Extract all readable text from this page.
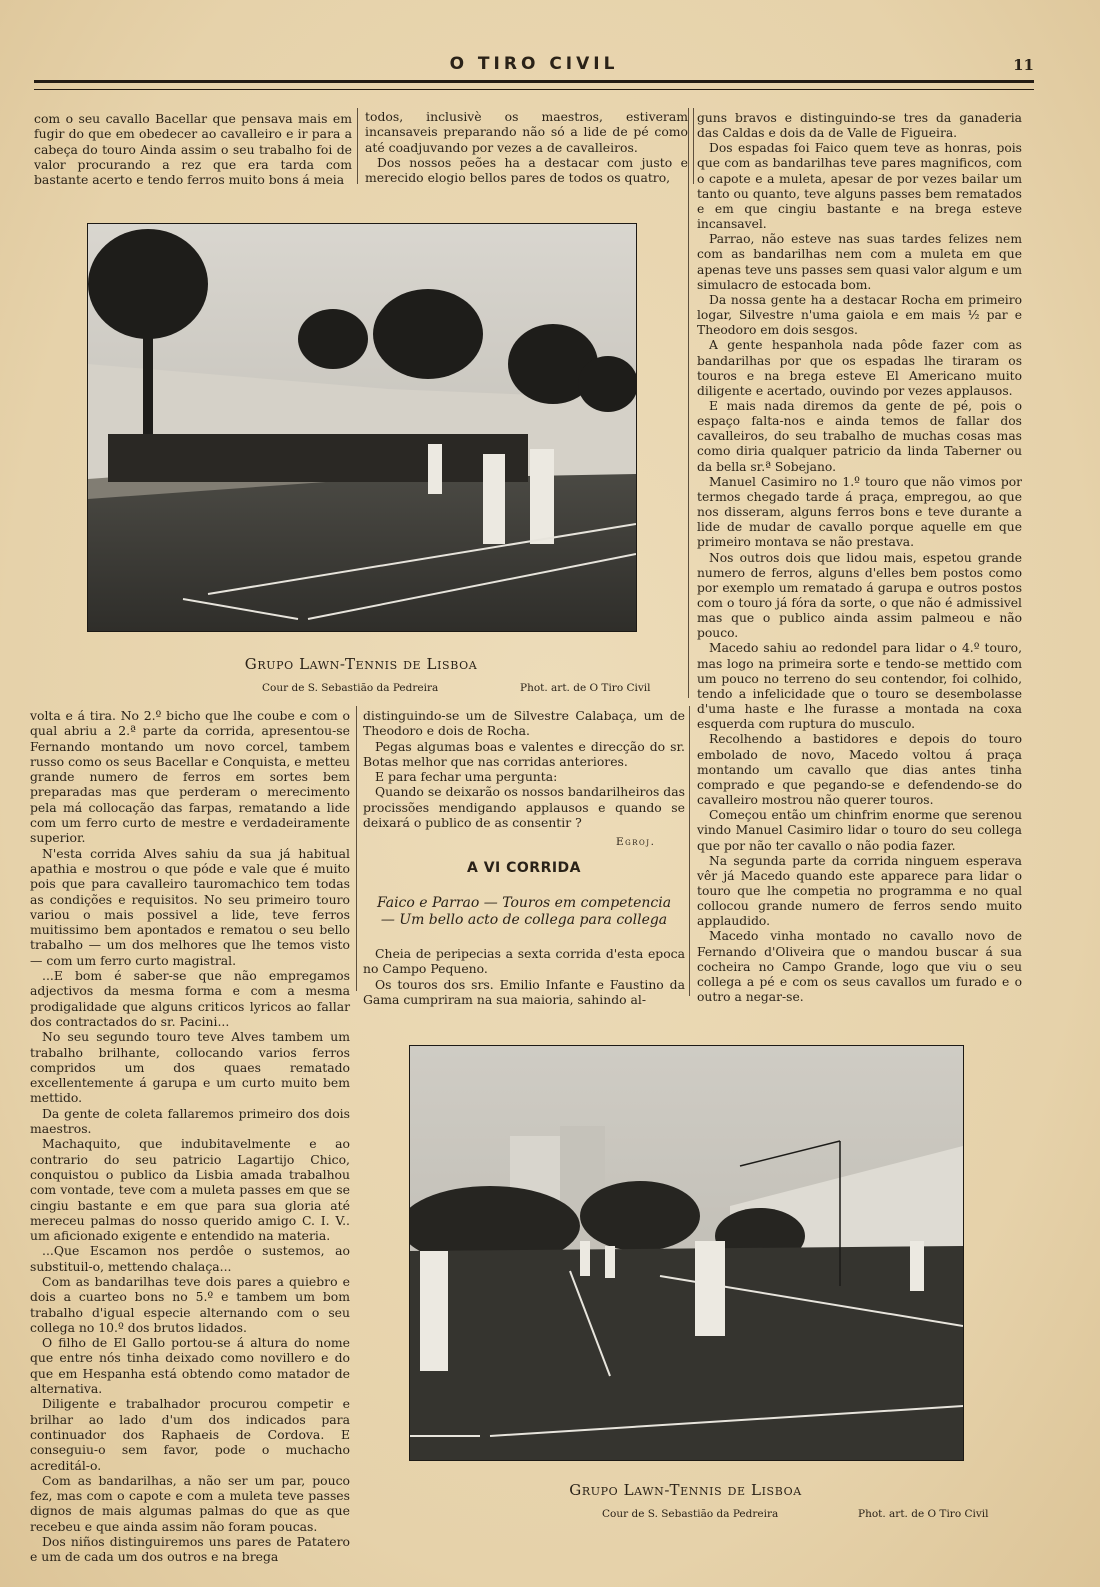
O TIRO CIVIL	11

com o seu cavallo Bacellar que pensava mais em fugir do que em obedecer ao cavalleiro e ir para a cabeça do touro Ainda assim o seu trabalho foi de valor procurando a rez que era tarda com bastante acerto e tendo ferros muito bons á meia

todos, inclusivè os maestros, estiveram incansaveis preparando não só a lide de pé como até coadjuvando por vezes a de cavalleiros.

Dos nossos peões ha a destacar com justo e merecido elogio bellos pares de todos os quatro,

Grupo Lawn-Tennis de Lisboa
Cour de S. Sebastião da Pedreira	Phot. art. de O Tiro Civil

volta e á tira. No 2.º bicho que lhe coube e com o qual abriu a 2.ª parte da corrida, apresentou-se Fernando montando um novo corcel, tambem russo como os seus Bacellar e Conquista, e metteu grande numero de ferros em sortes bem preparadas mas que perderam o merecimento pela má collocação das farpas, rematando a lide com um ferro curto de mestre e verdadeiramente superior.

N'esta corrida Alves sahiu da sua já habitual apathia e mostrou o que póde e vale que é muito pois que para cavalleiro tauromachico tem todas as condições e requisitos. No seu primeiro touro variou o mais possivel a lide, teve ferros muitissimo bem apontados e rematou o seu bello trabalho — um dos melhores que lhe temos visto — com um ferro curto magistral.

...E bom é saber-se que não empregamos adjectivos da mesma forma e com a mesma prodigalidade que alguns criticos lyricos ao fallar dos contractados do sr. Pacini...

No seu segundo touro teve Alves tambem um trabalho brilhante, collocando varios ferros compridos um dos quaes rematado excellentemente á garupa e um curto muito bem mettido.

Da gente de coleta fallaremos primeiro dos dois maestros.

Machaquito, que indubitavelmente e ao contrario do seu patricio Lagartijo Chico, conquistou o publico da Lisbia amada trabalhou com vontade, teve com a muleta passes em que se cingiu bastante e em que para sua gloria até mereceu palmas do nosso querido amigo C. I. V.. um aficionado exigente e entendido na materia.

...Que Escamon nos perdôe o sustemos, ao substituil-o, mettendo chalaça...

Com as bandarilhas teve dois pares a quiebro e dois a cuarteo bons no 5.º e tambem um bom trabalho d'igual especie alternando com o seu collega no 10.º dos brutos lidados.

O filho de El Gallo portou-se á altura do nome que entre nós tinha deixado como novillero e do que em Hespanha está obtendo como matador de alternativa.

Diligente e trabalhador procurou competir e brilhar ao lado d'um dos indicados para continuador dos Raphaeis de Cordova. E conseguiu-o sem favor, pode o muchacho acreditál-o.

Com as bandarilhas, a não ser um par, pouco fez, mas com o capote e com a muleta teve passes dignos de mais algumas palmas do que as que recebeu e que ainda assim não foram poucas.

Dos niños distinguiremos uns pares de Patatero e um de cada um dos outros e na brega

distinguindo-se um de Silvestre Calabaça, um de Theodoro e dois de Rocha.

Pegas algumas boas e valentes e direcção do sr. Botas melhor que nas corridas anteriores.

E para fechar uma pergunta:

Quando se deixarão os nossos bandarilheiros das procissões mendigando applausos e quando se deixará o publico de as consentir ?

Egroj.
A VI CORRIDA
Faico e Parrao — Touros em competencia
— Um bello acto de collega para collega

Cheia de peripecias a sexta corrida d'esta epoca no Campo Pequeno.

Os touros dos srs. Emilio Infante e Faustino da Gama cumpriram na sua maioria, sahindo al-

guns bravos e distinguindo-se tres da ganaderia das Caldas e dois da de Valle de Figueira.

Dos espadas foi Faico quem teve as honras, pois que com as bandarilhas teve pares magnificos, com o capote e a muleta, apesar de por vezes bailar um tanto ou quanto, teve alguns passes bem rematados e em que cingiu bastante e na brega esteve incansavel.

Parrao, não esteve nas suas tardes felizes nem com as bandarilhas nem com a muleta em que apenas teve uns passes sem quasi valor algum e um simulacro de estocada bom.

Da nossa gente ha a destacar Rocha em primeiro logar, Silvestre n'uma gaiola e em mais ½ par e Theodoro em dois sesgos.

A gente hespanhola nada pôde fazer com as bandarilhas por que os espadas lhe tiraram os touros e na brega esteve El Americano muito diligente e acertado, ouvindo por vezes applausos.

E mais nada diremos da gente de pé, pois o espaço falta-nos e ainda temos de fallar dos cavalleiros, do seu trabalho de muchas cosas mas como diria qualquer patricio da linda Taberner ou da bella sr.ª Sobejano.

Manuel Casimiro no 1.º touro que não vimos por termos chegado tarde á praça, empregou, ao que nos disseram, alguns ferros bons e teve durante a lide de mudar de cavallo porque aquelle em que primeiro montava se não prestava.

Nos outros dois que lidou mais, espetou grande numero de ferros, alguns d'elles bem postos como por exemplo um rematado á garupa e outros postos com o touro já fóra da sorte, o que não é admissivel mas que o publico ainda assim palmeou e não pouco.

Macedo sahiu ao redondel para lidar o 4.º touro, mas logo na primeira sorte e tendo-se mettido com um pouco no terreno do seu contendor, foi colhido, tendo a infelicidade que o touro se desembolasse d'uma haste e lhe furasse a montada na coxa esquerda com ruptura do musculo.

Recolhendo a bastidores e depois do touro embolado de novo, Macedo voltou á praça montando um cavallo que dias antes tinha comprado e que pegando-se e defendendo-se do cavalleiro mostrou não querer touros.

Começou então um chinfrim enorme que serenou vindo Manuel Casimiro lidar o touro do seu collega que por não ter cavallo o não podia fazer.

Na segunda parte da corrida ninguem esperava vêr já Macedo quando este apparece para lidar o touro que lhe competia no programma e no qual collocou grande numero de ferros sendo muito applaudido.

Macedo vinha montado no cavallo novo de Fernando d'Oliveira que o mandou buscar á sua cocheira no Campo Grande, logo que viu o seu collega a pé e com os seus cavallos um furado e o outro a negar-se.

Grupo Lawn-Tennis de Lisboa
Cour de S. Sebastião da Pedreira	Phot. art. de O Tiro Civil
